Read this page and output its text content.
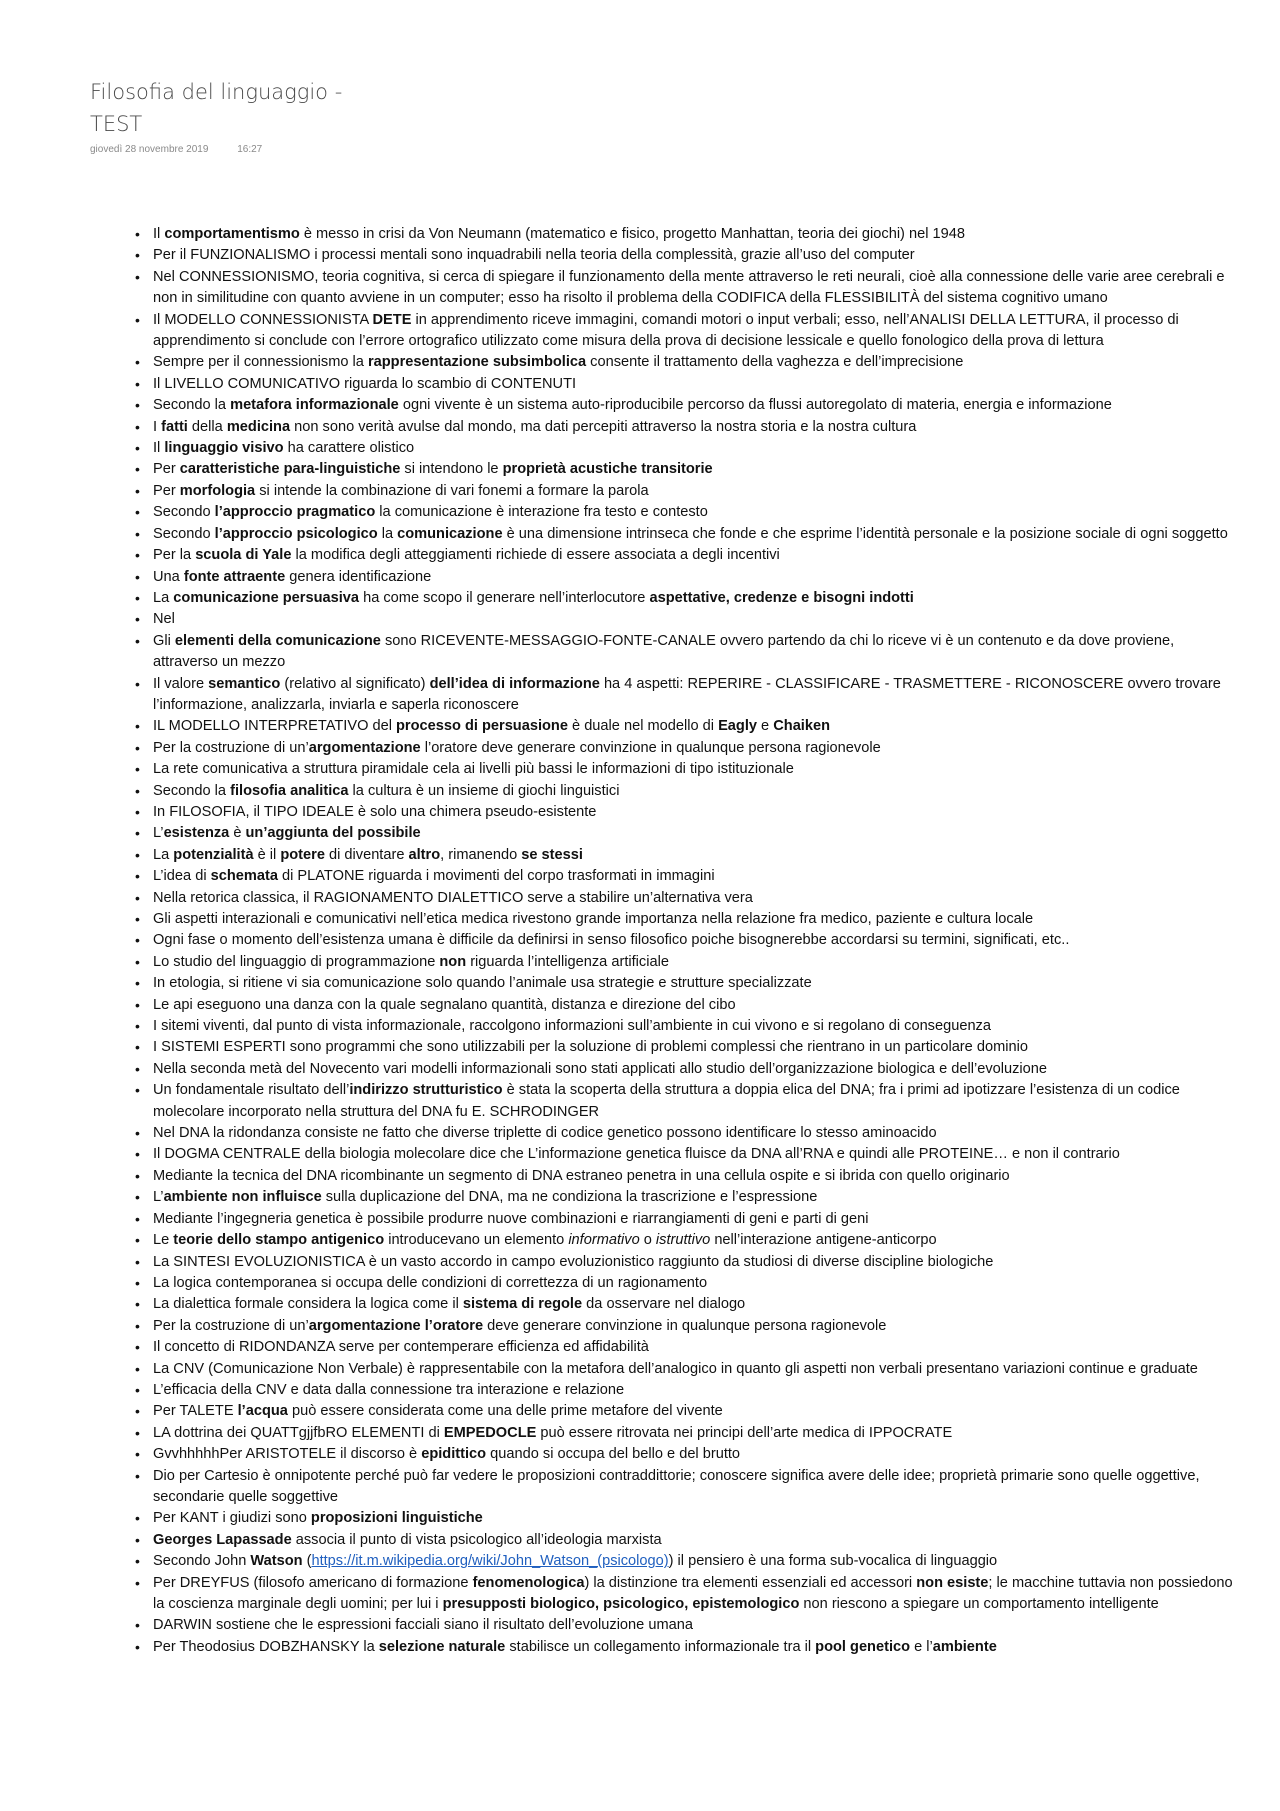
Filosofia del linguaggio - TEST
giovedì 28 novembre 2019	16:27
• Il comportamentismo è messo in crisi da Von Neumann (matematico e fisico, progetto Manhattan, teoria dei giochi) nel 1948
• Per il FUNZIONALISMO i processi mentali sono inquadrabili nella teoria della complessità, grazie all’uso del computer
• Nel CONNESSIONISMO, teoria cognitiva, si cerca di spiegare il funzionamento della mente attraverso le reti neurali, cioè alla connessione delle varie aree cerebrali e non in similitudine con quanto avviene in un computer; esso ha risolto il problema della CODIFICA della FLESSIBILITÀ del sistema cognitivo umano
• Il MODELLO CONNESSIONISTA DETE in apprendimento riceve immagini, comandi motori o input verbali; esso, nell’ANALISI DELLA LETTURA, il processo di apprendimento si conclude con l’errore ortografico utilizzato come misura della prova di decisione lessicale e quello fonologico della prova di lettura
• Sempre per il connessionismo la rappresentazione subsimbolica consente il trattamento della vaghezza e dell’imprecisione
• Il LIVELLO COMUNICATIVO riguarda lo scambio di CONTENUTI
• Secondo la metafora informazionale ogni vivente è un sistema auto-riproducibile percorso da flussi autoregolato di materia, energia e informazione
• I fatti della medicina non sono verità avulse dal mondo, ma dati percepiti attraverso la nostra storia e la nostra cultura
• Il linguaggio visivo ha carattere olistico
• Per caratteristiche para-linguistiche si intendono le proprietà acustiche transitorie
• Per morfologia si intende la combinazione di vari fonemi a formare la parola
• Secondo l’approccio pragmatico la comunicazione è interazione fra testo e contesto
• Secondo l’approccio psicologico la comunicazione è una dimensione intrinseca che fonde e che esprime l’identità personale e la posizione sociale di ogni soggetto
• Per la scuola di Yale la modifica degli atteggiamenti richiede di essere associata a degli incentivi
• Una fonte attraente genera identificazione
• La comunicazione persuasiva ha come scopo il generare nell’interlocutore aspettative, credenze e bisogni indotti
• Nel
• Gli elementi della comunicazione sono RICEVENTE-MESSAGGIO-FONTE-CANALE ovvero partendo da chi lo riceve vi è un contenuto e da dove proviene, attraverso un mezzo
• Il valore semantico (relativo al significato) dell’idea di informazione ha 4 aspetti: REPERIRE - CLASSIFICARE - TRASMETTERE - RICONOSCERE ovvero trovare l’informazione, analizzarla, inviarla e saperla riconoscere
• IL MODELLO INTERPRETATIVO del processo di persuasione è duale nel modello di Eagly e Chaiken
• Per la costruzione di un’argomentazione l’oratore deve generare convinzione in qualunque persona ragionevole
• La rete comunicativa a struttura piramidale cela ai livelli più bassi le informazioni di tipo istituzionale
• Secondo la filosofia analitica la cultura è un insieme di giochi linguistici
• In FILOSOFIA, il TIPO IDEALE è solo una chimera pseudo-esistente
• L’esistenza è un’aggiunta del possibile
• La potenzialità è il potere di diventare altro, rimanendo se stessi
• L’idea di schemata di PLATONE riguarda i movimenti del corpo trasformati in immagini
• Nella retorica classica, il RAGIONAMENTO DIALETTICO serve a stabilire un’alternativa vera
• Gli aspetti interazionali e comunicativi nell’etica medica rivestono grande importanza nella relazione fra medico, paziente e cultura locale
• Ogni fase o momento dell’esistenza umana è difficile da definirsi in senso filosofico poiche bisognerebbe accordarsi su termini, significati, etc..
• Lo studio del linguaggio di programmazione non riguarda l’intelligenza artificiale
• In etologia, si ritiene vi sia comunicazione solo quando l’animale usa strategie e strutture specializzate
• Le api eseguono una danza con la quale segnalano quantità, distanza e direzione del cibo
• I sitemi viventi, dal punto di vista informazionale, raccolgono informazioni sull’ambiente in cui vivono e si regolano di conseguenza
• I SISTEMI ESPERTI sono programmi che sono utilizzabili per la soluzione di problemi complessi che rientrano in un particolare dominio
• Nella seconda metà del Novecento vari modelli informazionali sono stati applicati allo studio dell’organizzazione biologica e dell’evoluzione
• Un fondamentale risultato dell’indirizzo strutturistico è stata la scoperta della struttura a doppia elica del DNA; fra i primi ad ipotizzare l’esistenza di un codice molecolare incorporato nella struttura del DNA fu E. SCHRODINGER
• Nel DNA la ridondanza consiste ne fatto che diverse triplette di codice genetico possono identificare lo stesso aminoacido
• Il DOGMA CENTRALE della biologia molecolare dice che L’informazione genetica fluisce da DNA all’RNA e quindi alle PROTEINE… e non il contrario
• Mediante la tecnica del DNA ricombinante un segmento di DNA estraneo penetra in una cellula ospite e si ibrida con quello originario
• L’ambiente non influisce sulla duplicazione del DNA, ma ne condiziona la trascrizione e l’espressione
• Mediante l’ingegneria genetica è possibile produrre nuove combinazioni e riarrangiamenti di geni e parti di geni
• Le teorie dello stampo antigenico introducevano un elemento informativo o istruttivo nell’interazione antigene-anticorpo
• La SINTESI EVOLUZIONISTICA è un vasto accordo in campo evoluzionistico raggiunto da studiosi di diverse discipline biologiche
• La logica contemporanea si occupa delle condizioni di correttezza di un ragionamento
• La dialettica formale considera la logica come il sistema di regole da osservare nel dialogo
• Per la costruzione di un’argomentazione l’oratore deve generare convinzione in qualunque persona ragionevole
• Il concetto di RIDONDANZA serve per contemperare efficienza ed affidabilità
• La CNV (Comunicazione Non Verbale) è rappresentabile con la metafora dell’analogico in quanto gli aspetti non verbali presentano variazioni continue e graduate
• L’efficacia della CNV e data dalla connessione tra interazione e relazione
• Per TALETE l’acqua può essere considerata come una delle prime metafore del vivente
• LA dottrina dei QUATTgjjfbRO ELEMENTI di EMPEDOCLE può essere ritrovata nei principi dell’arte medica di IPPOCRATE
• GvvhhhhhPer ARISTOTELE il discorso è epidittico quando si occupa del bello e del brutto
• Dio per Cartesio è onnipotente perché può far vedere le proposizioni contraddittorie; conoscere significa avere delle idee; proprietà primarie sono quelle oggettive, secondarie quelle soggettive
• Per KANT i giudizi sono proposizioni linguistiche
• Georges Lapassade associa il punto di vista psicologico all’ideologia marxista
• Secondo John Watson (https://it.m.wikipedia.org/wiki/John_Watson_(psicologo)) il pensiero è una forma sub-vocalica di linguaggio
• Per DREYFUS (filosofo americano di formazione fenomenologica) la distinzione tra elementi essenziali ed accessori non esiste; le macchine tuttavia non possiedono la coscienza marginale degli uomini; per lui i presupposti biologico, psicologico, epistemologico non riescono a spiegare un comportamento intelligente
• DARWIN sostiene che le espressioni facciali siano il risultato dell’evoluzione umana
• Per Theodosius DOBZHANSKY la selezione naturale stabilisce un collegamento informazionale tra il pool genetico e l’ambiente
